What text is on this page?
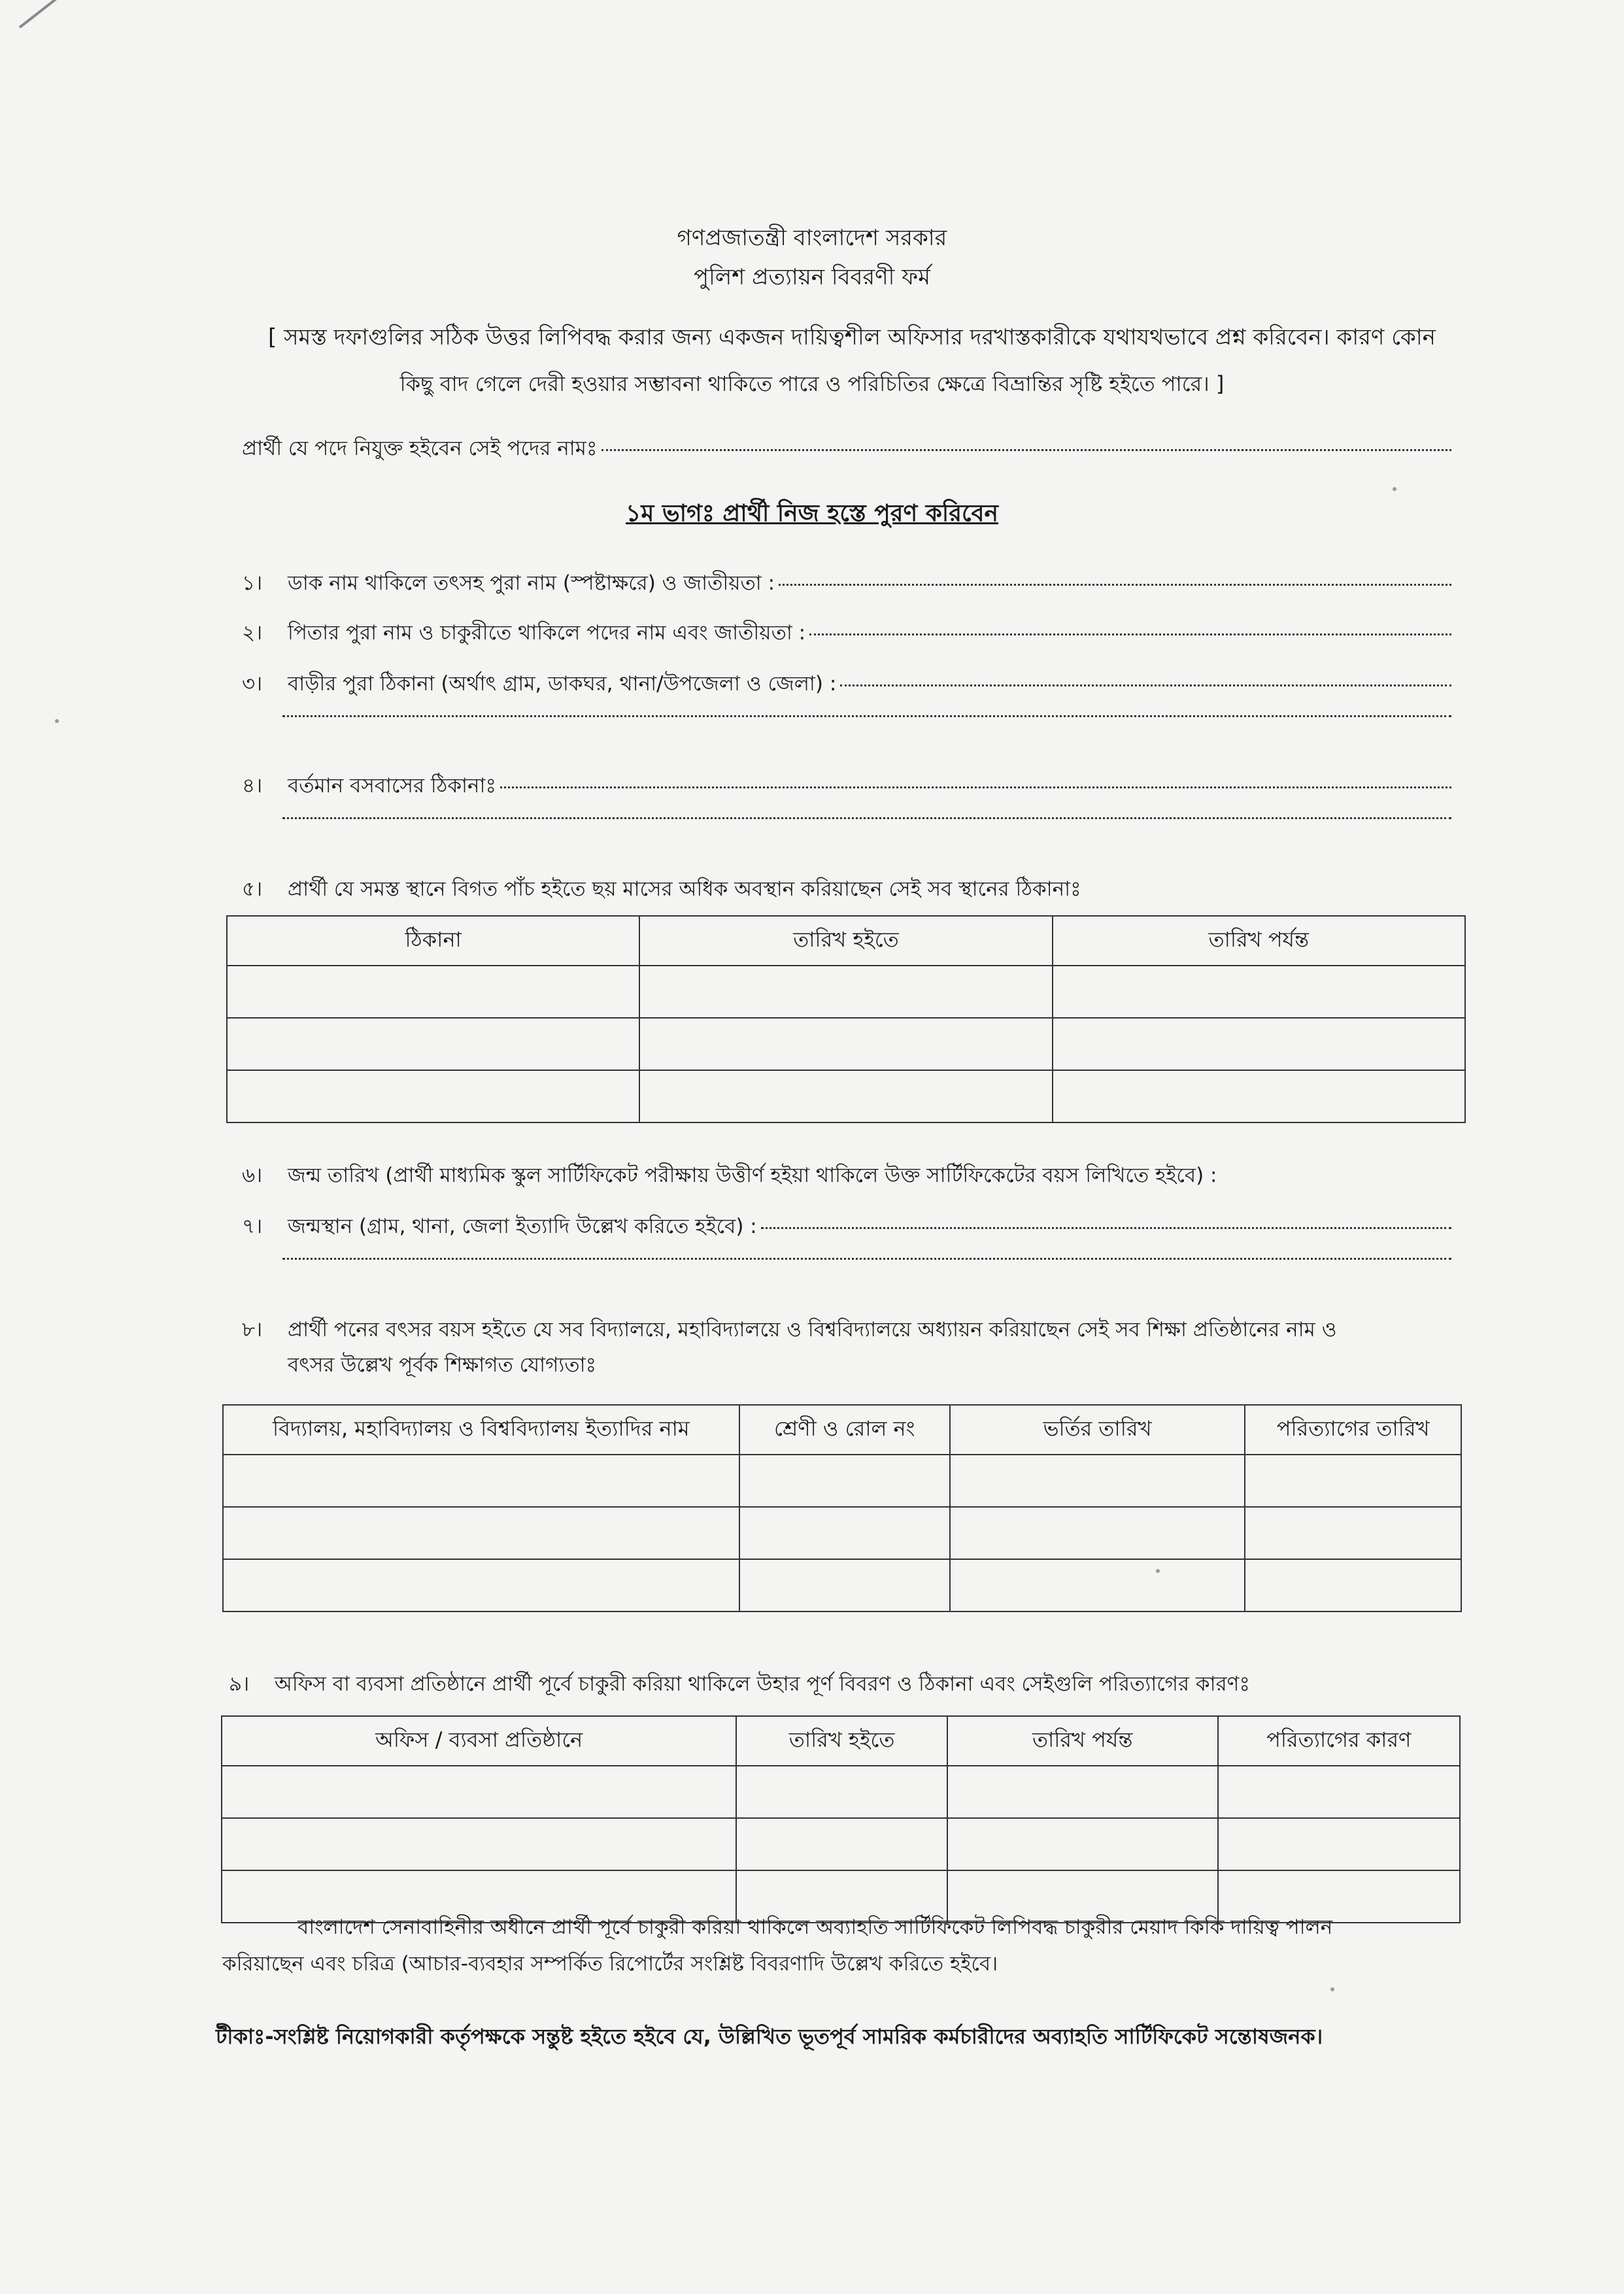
গণপ্রজাতন্ত্রী বাংলাদেশ সরকার
পুলিশ প্রত্যায়ন বিবরণী ফর্ম
[ সমস্ত দফাগুলির সঠিক উত্তর লিপিবদ্ধ করার জন্য একজন দায়িত্বশীল অফিসার দরখাস্তকারীকে যথাযথভাবে প্রশ্ন করিবেন। কারণ কোন
কিছু বাদ গেলে দেরী হওয়ার সম্ভাবনা থাকিতে পারে ও পরিচিতির ক্ষেত্রে বিভ্রান্তির সৃষ্টি হইতে পারে। ]
প্রার্থী যে পদে নিযুক্ত হইবেন সেই পদের নামঃ
১ম ভাগঃ প্রার্থী নিজ হস্তে পুরণ করিবেন
১।	ডাক নাম থাকিলে তৎসহ পুরা নাম (স্পষ্টাক্ষরে) ও জাতীয়তা :
২।	পিতার পুরা নাম ও চাকুরীতে থাকিলে পদের নাম এবং জাতীয়তা :
৩।	বাড়ীর পুরা ঠিকানা (অর্থাৎ গ্রাম, ডাকঘর, থানা/উপজেলা ও জেলা) :
৪।	বর্তমান বসবাসের ঠিকানাঃ
৫।	প্রার্থী যে সমস্ত স্থানে বিগত পাঁচ হইতে ছয় মাসের অধিক অবস্থান করিয়াছেন সেই সব স্থানের ঠিকানাঃ
ঠিকানা	তারিখ হইতে	তারিখ পর্যন্ত

৬।	জন্ম তারিখ (প্রার্থী মাধ্যমিক স্কুল সার্টিফিকেট পরীক্ষায় উত্তীর্ণ হইয়া থাকিলে উক্ত সার্টিফিকেটের বয়স লিখিতে হইবে) :
৭।	জন্মস্থান (গ্রাম, থানা, জেলা ইত্যাদি উল্লেখ করিতে হইবে) :
৮।	প্রার্থী পনের বৎসর বয়স হইতে যে সব বিদ্যালয়ে, মহাবিদ্যালয়ে ও বিশ্ববিদ্যালয়ে অধ্যায়ন করিয়াছেন সেই সব শিক্ষা প্রতিষ্ঠানের নাম ও
বৎসর উল্লেখ পূর্বক শিক্ষাগত যোগ্যতাঃ
বিদ্যালয়, মহাবিদ্যালয় ও বিশ্ববিদ্যালয় ইত্যাদির নাম	শ্রেণী ও রোল নং	ভর্তির তারিখ	পরিত্যাগের তারিখ

৯।	অফিস বা ব্যবসা প্রতিষ্ঠানে প্রার্থী পূর্বে চাকুরী করিয়া থাকিলে উহার পূর্ণ বিবরণ ও ঠিকানা এবং সেইগুলি পরিত্যাগের কারণঃ
অফিস / ব্যবসা প্রতিষ্ঠানে	তারিখ হইতে	তারিখ পর্যন্ত	পরিত্যাগের কারণ

বাংলাদেশ সেনাবাহিনীর অধীনে প্রার্থী পূর্বে চাকুরী করিয়া থাকিলে অব্যাহতি সার্টিফিকেট লিপিবদ্ধ চাকুরীর মেয়াদ কিকি দায়িত্ব পালন
করিয়াছেন এবং চরিত্র (আচার-ব্যবহার সম্পর্কিত রিপোর্টের সংশ্লিষ্ট বিবরণাদি উল্লেখ করিতে হইবে।
টীকাঃ-সংশ্লিষ্ট নিয়োগকারী কর্তৃপক্ষকে সন্তুষ্ট হইতে হইবে যে, উল্লিখিত ভূতপূর্ব সামরিক কর্মচারীদের অব্যাহতি সার্টিফিকেট সন্তোষজনক।
